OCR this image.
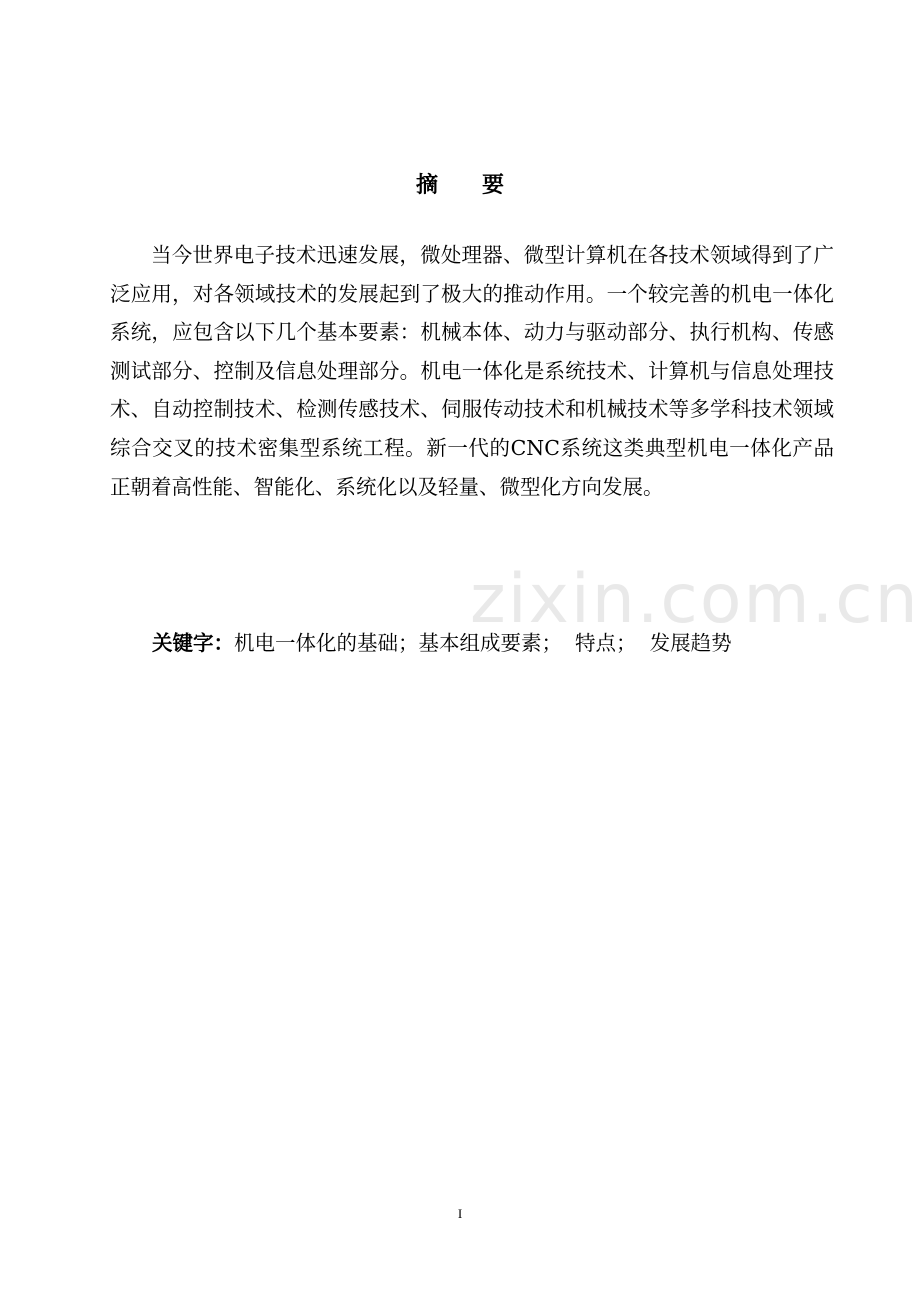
zixin.com.cn
摘要

当今世界电子技术迅速发展，微处理器、微型计算机在各技术领域得到了广泛应用，对各领域技术的发展起到了极大的推动作用。一个较完善的机电一体化系统，应包含以下几个基本要素：机械本体、动力与驱动部分、执行机构、传感测试部分、控制及信息处理部分。机电一体化是系统技术、计算机与信息处理技术、自动控制技术、检测传感技术、伺服传动技术和机械技术等多学科技术领域综合交叉的技术密集型系统工程。新一代的CNC系统这类典型机电一体化产品正朝着高性能、智能化、系统化以及轻量、微型化方向发展。

关键字：机电一体化的基础；基本组成要素；  特点；  发展趋势

I
